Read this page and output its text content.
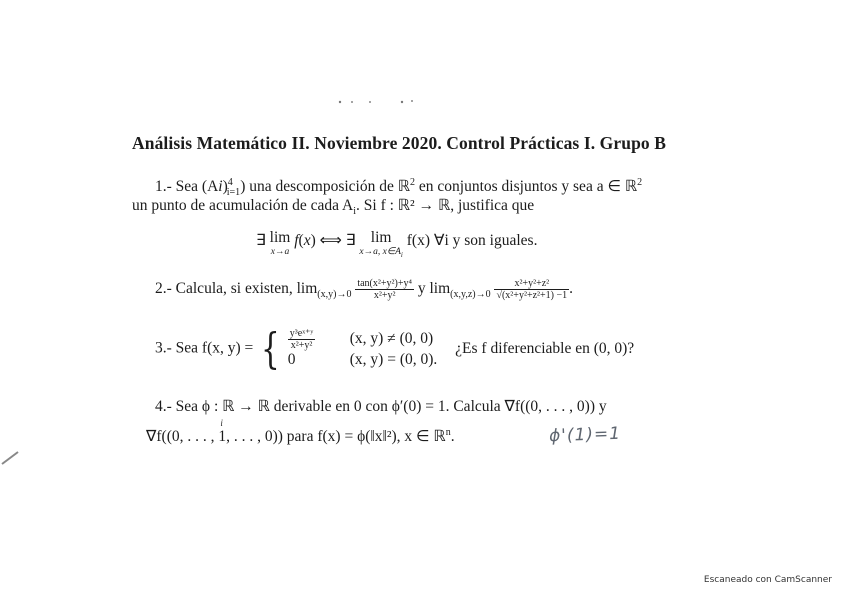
Análisis Matemático II. Noviembre 2020. Control Prácticas I. Grupo B
1.- Sea $(Ai)^4_{i=1}$) una descomposición de ℝ$^2$ en conjuntos disjuntos y sea a ∈ ℝ$^2$
un punto de acumulación de cada $A_i$. Si f : ℝ² → ℝ, justifica que
∃ lim
x→a
f(x) ⟺ ∃ lim
x→a, $x\in A_i$
f(x) ∀i y son iguales.
2.- Calcula, si existen, $\lim_{(x,y)\to 0} \frac{\text{tan(x²+y²)+y⁴}}{\text{x²+y²}}$ y $\lim_{(x,y,z)\to 0} \frac{\text{x²+y²+z²}}{\text{√(x²+y²+z²+1) −1}}$ .
3.- Sea f(x, y) = { $\frac{\text{y³eˣ⁺ʸ}}{\text{x²+y²}} (x$, y) ≠ (0, 0)
0	(x, y) = (0, 0).
¿Es f diferenciable en (0, 0)?
4.- Sea ϕ : ℝ → ℝ derivable en 0 con ϕ′(0) = 1. Calcula ∇f((0, . . . , 0)) y
∇f((0, . . . ,
i
1, . . . , 0)) para f(x) = ϕ(‖x‖²), x ∈ ℝ$^n$.	ϕ'(1)=1
Escaneado con CamScanner
